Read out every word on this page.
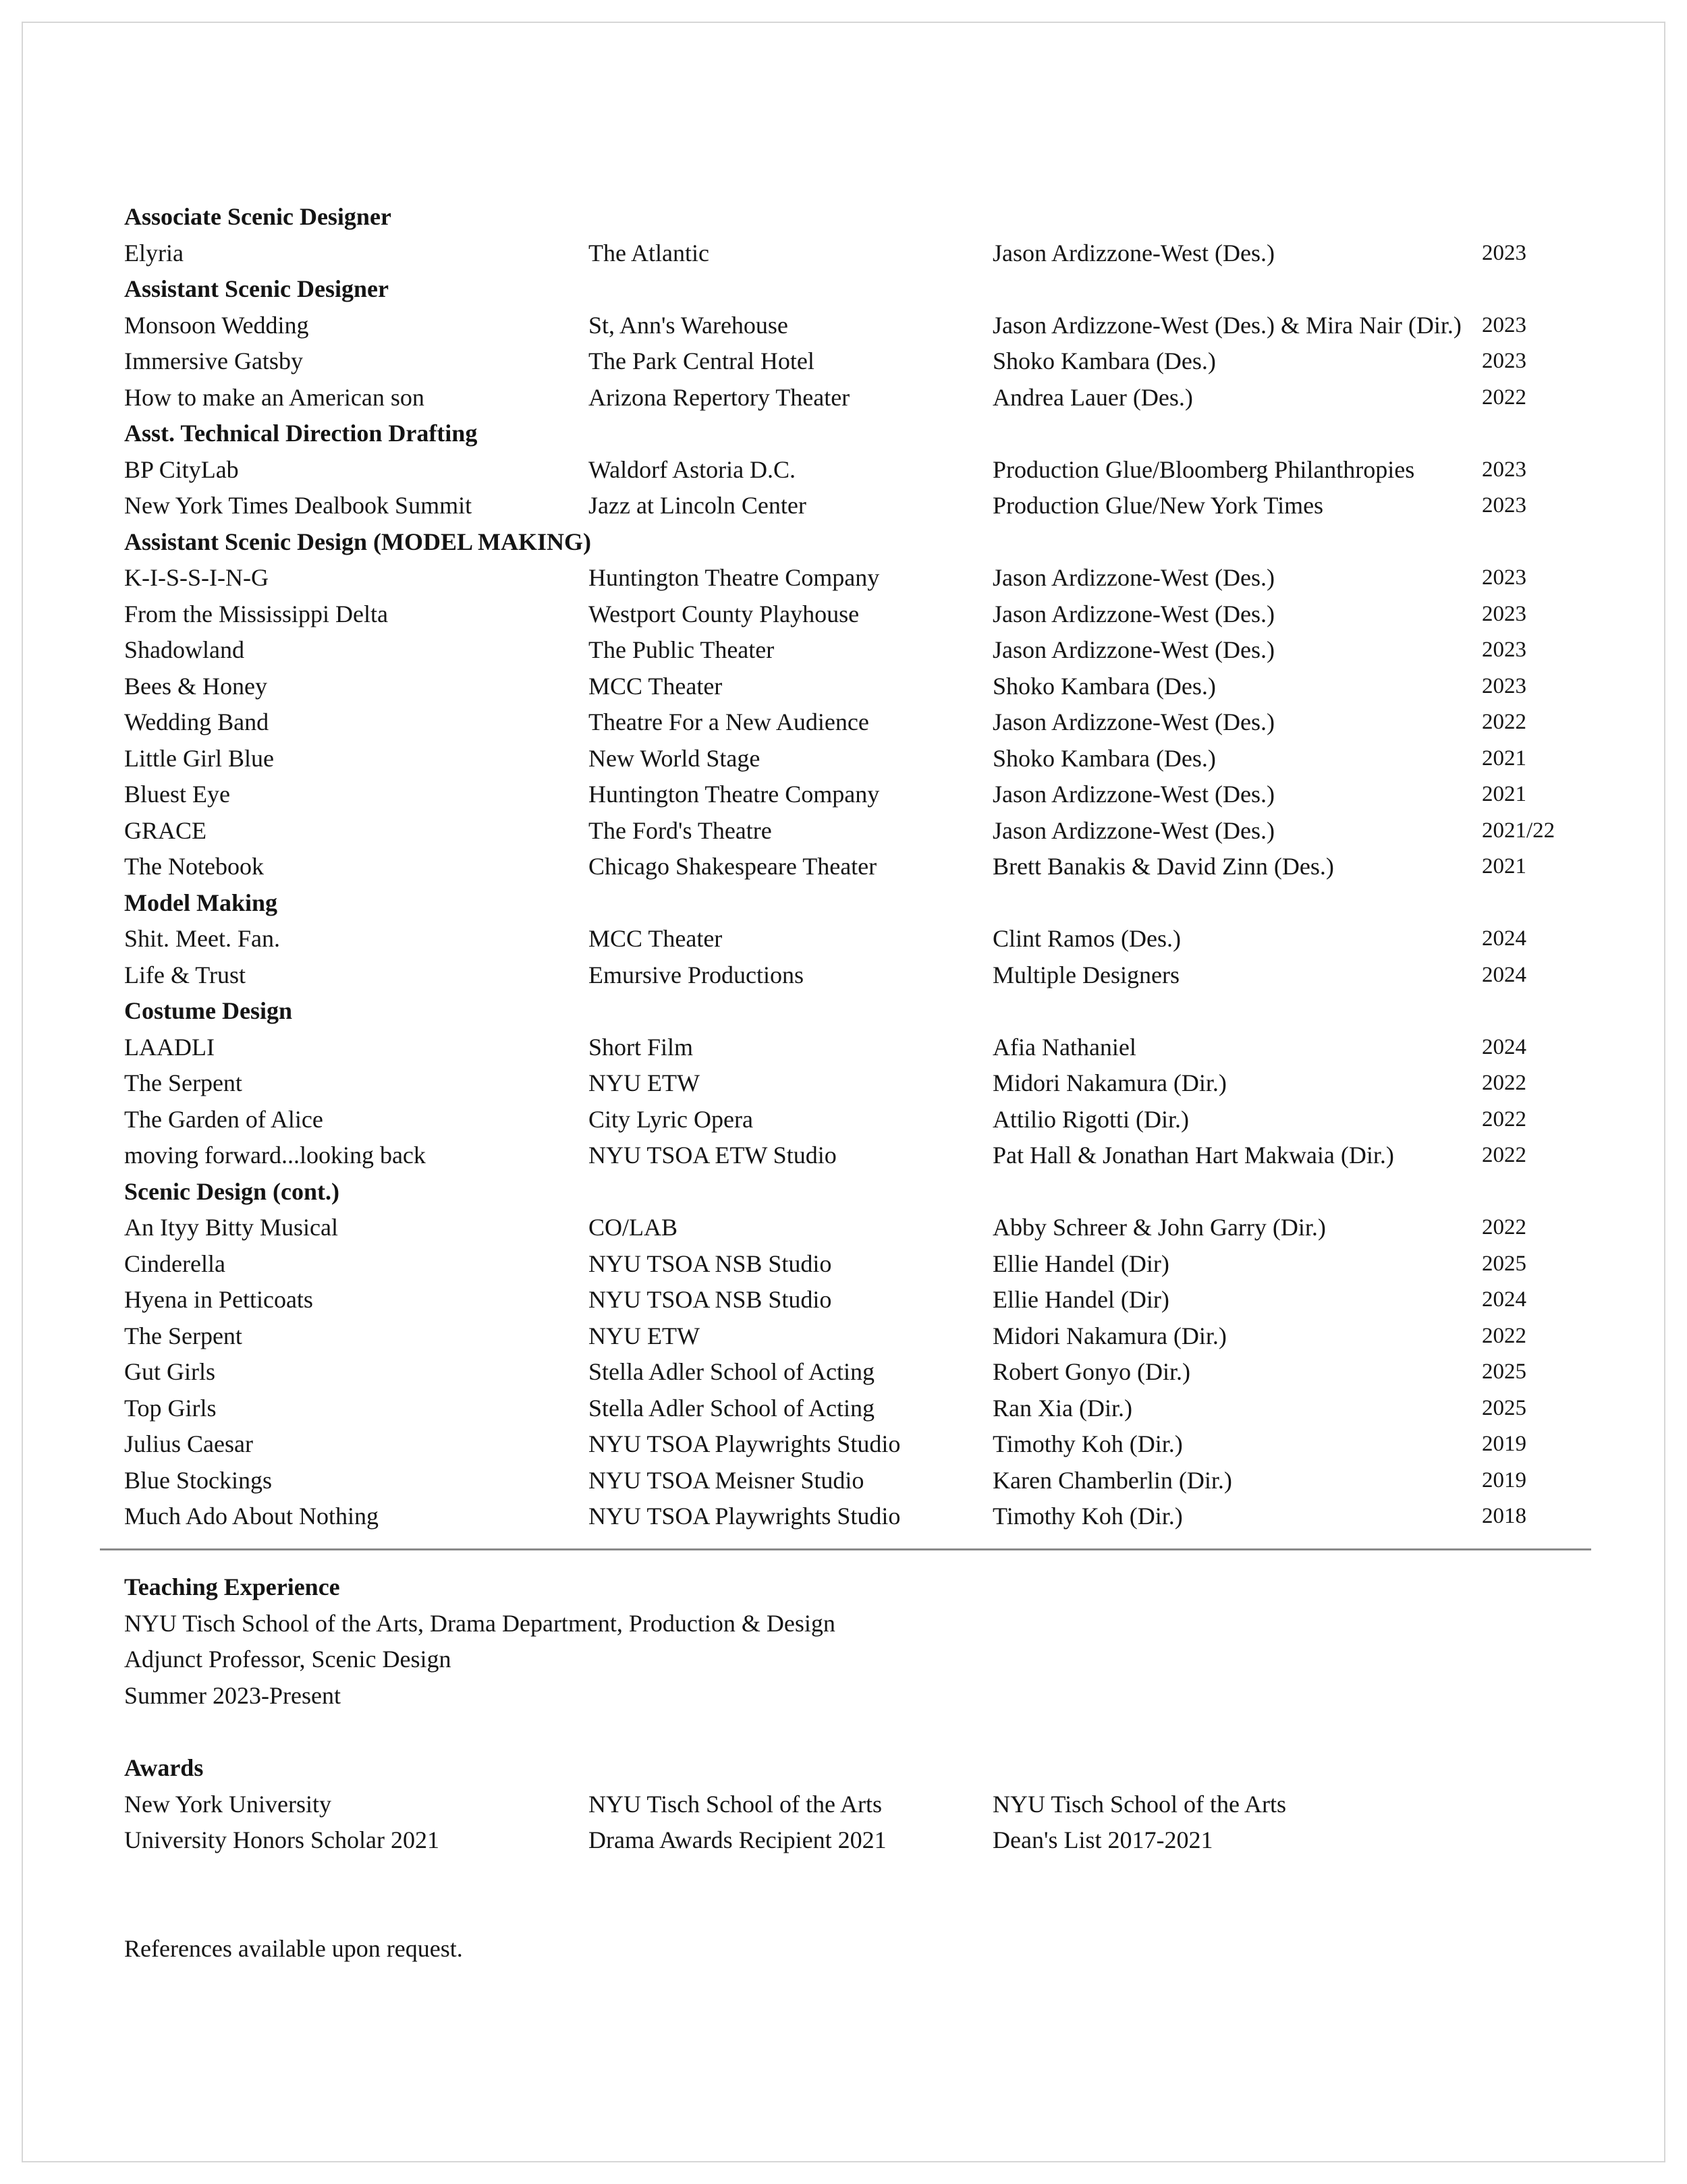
Associate Scenic Designer
Elyria	The Atlantic	Jason Ardizzone-West (Des.)	2023
Assistant Scenic Designer
Monsoon Wedding	St, Ann's Warehouse	Jason Ardizzone-West (Des.) & Mira Nair (Dir.) 2023
Immersive Gatsby	The Park Central Hotel	Shoko Kambara (Des.)	2023
How to make an American son	Arizona Repertory Theater	Andrea Lauer (Des.)	2022
Asst. Technical Direction Drafting
BP CityLab	Waldorf Astoria D.C.	Production Glue/Bloomberg Philanthropies	2023
New York Times Dealbook Summit	Jazz at Lincoln Center	Production Glue/New York Times	2023
Assistant Scenic Design (MODEL MAKING)
K-I-S-S-I-N-G	Huntington Theatre Company	Jason Ardizzone-West (Des.)	2023
From the Mississippi Delta	Westport County Playhouse	Jason Ardizzone-West (Des.)	2023
Shadowland	The Public Theater	Jason Ardizzone-West (Des.)	2023
Bees & Honey	MCC Theater	Shoko Kambara (Des.)	2023
Wedding Band	Theatre For a New Audience	Jason Ardizzone-West (Des.)	2022
Little Girl Blue	New World Stage	Shoko Kambara (Des.)	2021
Bluest Eye	Huntington Theatre Company	Jason Ardizzone-West (Des.)	2021
GRACE	The Ford's Theatre	Jason Ardizzone-West (Des.)	2021/22
The Notebook	Chicago Shakespeare Theater	Brett Banakis & David Zinn (Des.)	2021
Model Making
Shit. Meet. Fan.	MCC Theater	Clint Ramos (Des.)	2024
Life & Trust	Emursive Productions	Multiple Designers	2024
Costume Design
LAADLI	Short Film	Afia Nathaniel	2024
The Serpent	NYU ETW	Midori Nakamura (Dir.)	2022
The Garden of Alice	City Lyric Opera	Attilio Rigotti (Dir.)	2022
moving forward...looking back	NYU TSOA ETW Studio	Pat Hall & Jonathan Hart Makwaia (Dir.)	2022
Scenic Design (cont.)
An Ityy Bitty Musical	CO/LAB	Abby Schreer & John Garry (Dir.)	2022
Cinderella	NYU TSOA NSB Studio	Ellie Handel (Dir)	2025
Hyena in Petticoats	NYU TSOA NSB Studio	Ellie Handel (Dir)	2024
The Serpent	NYU ETW	Midori Nakamura (Dir.)	2022
Gut Girls	Stella Adler School of Acting	Robert Gonyo (Dir.)	2025
Top Girls	Stella Adler School of Acting	Ran Xia (Dir.)	2025
Julius Caesar	NYU TSOA Playwrights Studio	Timothy Koh (Dir.)	2019
Blue Stockings	NYU TSOA Meisner Studio	Karen Chamberlin (Dir.)	2019
Much Ado About Nothing	NYU TSOA Playwrights Studio	Timothy Koh (Dir.)	2018
Teaching Experience
NYU Tisch School of the Arts, Drama Department, Production & Design
Adjunct Professor, Scenic Design
Summer 2023-Present
Awards
New York University	NYU Tisch School of the Arts	NYU Tisch School of the Arts
University Honors Scholar 2021	Drama Awards Recipient 2021	Dean's List 2017-2021
References available upon request.
